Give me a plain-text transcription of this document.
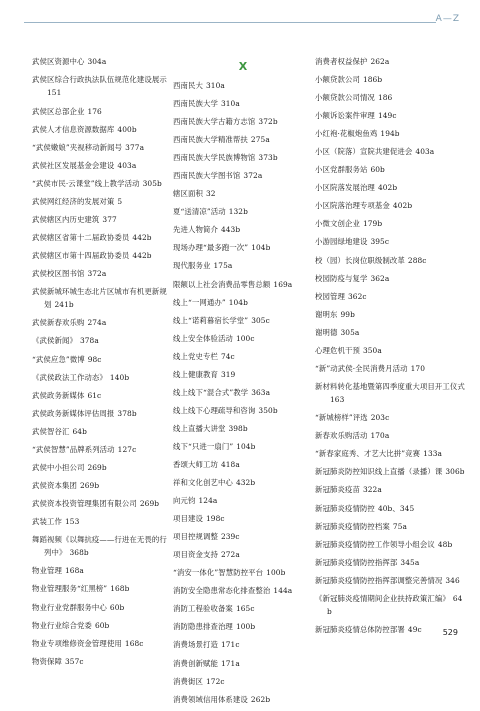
A—Z
武侯区资源中心 304a
武侯区综合行政执法队伍规范化建设展示151
武侯区总部企业 176
武侯人才信息资源数据库 400b
“武侯嫩娘”夹视移动新闻号 377a
武侯社区发展基金会建设 403a
“武侯市民·云课堂”线上教学活动 305b
武侯网红经济的发展对策 5
武侯辖区内历史建筑 377
武侯辖区省第十二届政协委员 442b
武侯辖区市第十四届政协委员 442b
武侯校区图书馆 372a
武侯新城环城生态北片区城市有机更新规划 241b
武侯新春欢乐购 274a
《武侯新闻》 378a
“武侯应急”微博 98c
《武侯政法工作动态》 140b
武侯政务新媒体 61c
武侯政务新媒体评估周报 378b
武侯智谷汇 64b
“武侯智慧”品牌系列活动 127c
武侯中小担公司 269b
武侯资本集团 269b
武侯资本投资管理集团有限公司 269b
武装工作 153
舞蹈视频《以舞抗疫——行进在无畏的行列中》 368b
物业管理 168a
物业管理服务“红黑榜” 168b
物业行业党群服务中心 60b
物业行业综合党委 60b
物业专项维修资金管理使用 168c
物资保障 357c
X
西南民大 310a
西南民族大学 310a
西南民族大学古籍方志馆 372b
西南民族大学精准帮扶 275a
西南民族大学民族博物馆 373b
西南民族大学图书馆 372a
辖区面积 32
夏“送清凉”活动 132b
先进人物简介 443b
现场办理“最多跑一次” 104b
现代服务业 175a
限额以上社会消费品零售总额 169a
线上“一网通办” 104b
线上“诺莉暮宿长学堂” 305c
线上安全体验活动 100c
线上党史专栏 74c
线上健康教育 319
线上线下“混合式”教学 363a
线上线下心理疏导和咨询 350b
线上直播大讲堂 398b
线下“只进一扇门” 104b
香颂大师工坊 418a
祥和文化创艺中心 432b
向元钧 124a
项目建设 198c
项目控规调整 239c
项目资金支持 272a
“消安一体化”智慧防控平台 100b
消防安全隐患常态化排查整治 144a
消防工程验收备案 165c
消防隐患排查治理 100b
消费场景打造 171c
消费创新赋能 171a
消费街区 172c
消费领域信用体系建设 262b
消费者权益保护 262a
小额贷款公司 186b
小额贷款公司情况 186
小额诉讼案件审理 149c
小红袍·花椒炮鱼鸡 194b
小区（院落）宣院共建促进会 403a
小区党群服务站 60b
小区院落发展治理 402b
小区院落治理专项基金 402b
小微文创企业 179b
小游园绿地建设 395c
校（园）长岗位职级制改革 288c
校园防疫与复学 362a
校园管理 362c
谢明东 99b
谢明德 305a
心理危机干预 350a
“新”动武侯·全民消费月活动 170
新材料转化基地暨第四季度重大项目开工仪式163
“新城榜样”评选 203c
新春欢乐购活动 170a
“新春家庭秀、才艺大比拼”竞赛 133a
新冠肺炎防控知识线上直播（录播）课 306b
新冠肺炎疫苗 322a
新冠肺炎疫情防控 40b、345
新冠肺炎疫情防控档案 75a
新冠肺炎疫情防控工作领导小组会议 48b
新冠肺炎疫情防控指挥部 345a
新冠肺炎疫情防控指挥部调整完善情况 346
《新冠肺炎疫情期间企业扶持政策汇编》 64b
新冠肺炎疫情总体防控部署 49c	529
